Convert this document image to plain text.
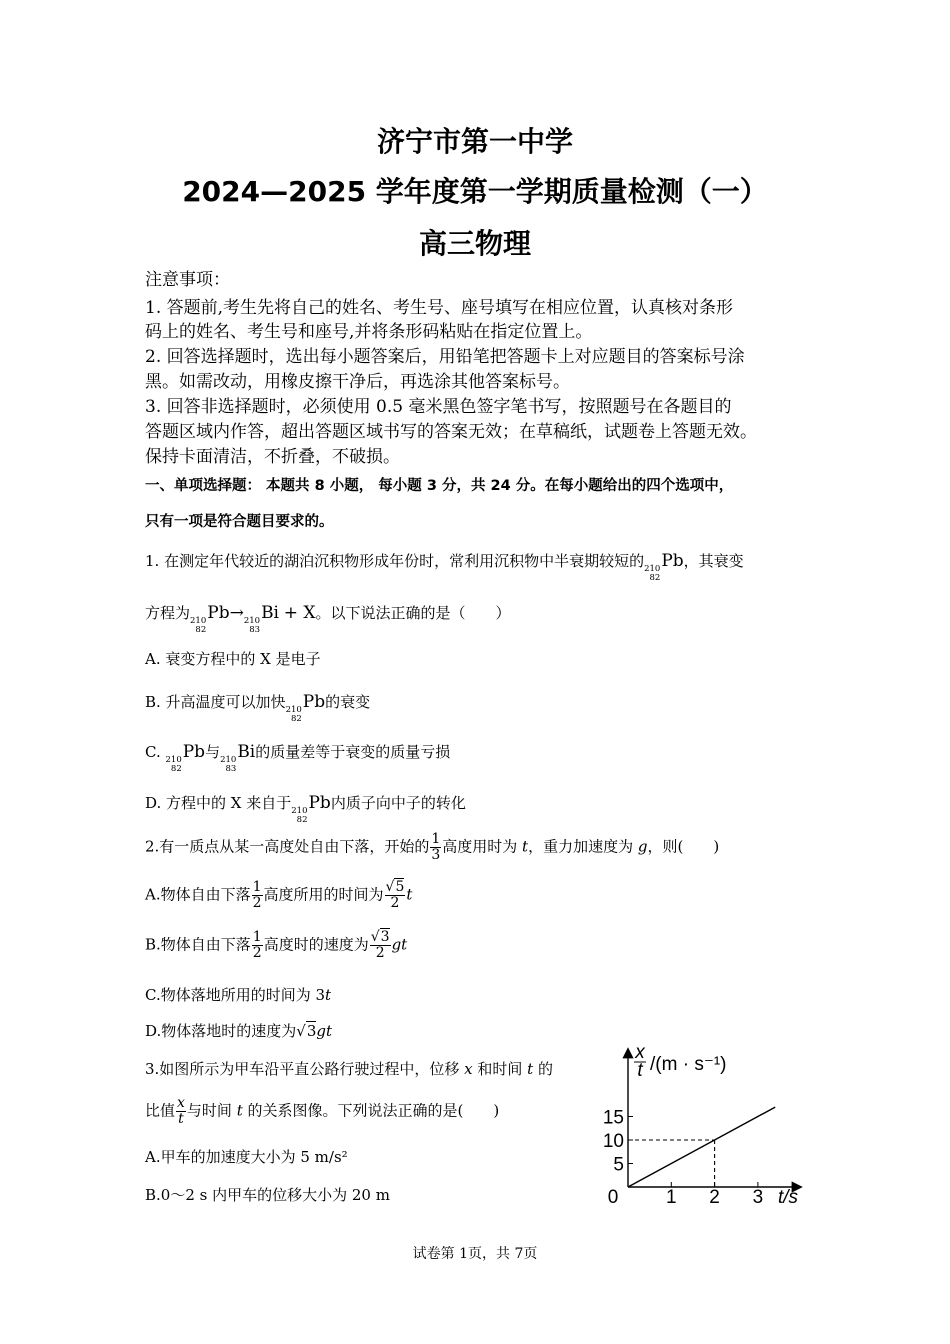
济宁市第一中学
2024—2025 学年度第一学期质量检测（一）
高三物理
注意事项：
1. 答题前,考生先将自己的姓名、考生号、座号填写在相应位置，认真核对条形
码上的姓名、考生号和座号,并将条形码粘贴在指定位置上。
2. 回答选择题时，选出每小题答案后，用铅笔把答题卡上对应题目的答案标号涂
黑。如需改动，用橡皮擦干净后，再选涂其他答案标号。
3. 回答非选择题时，必须使用 0.5 毫米黑色签字笔书写，按照题号在各题目的
答题区域内作答，超出答题区域书写的答案无效；在草稿纸，试题卷上答题无效。
保持卡面清洁，不折叠，不破损。
一、单项选择题： 本题共 8 小题， 每小题 3 分，共 24 分。在每小题给出的四个选项中，
只有一项是符合题目要求的。
1. 在测定年代较近的湖泊沉积物形成年份时，常利用沉积物中半衰期较短的 210
82
Pb，其衰变
方程为 210
82
Pb→ 210
83
Bi + X。以下说法正确的是（　　）
A. 衰变方程中的 X 是电子
B. 升高温度可以加快 210
82
Pb的衰变
C. 210
82
Pb与 210
83
Bi的质量差等于衰变的质量亏损
D. 方程中的 X 来自于 210
82
Pb内质子向中子的转化
2.有一质点从某一高度处自由下落，开始的 $\frac{1}{3}$ 高度用时为 t，重力加速度为 g，则(　　)
A.物体自由下落 $\frac{1}{2}$ 高度所用的时间为 $\frac{√5}{2}$ t
B.物体自由下落 $\frac{1}{2}$ 高度时的速度为 $\frac{√3}{2}$ gt
C.物体落地所用的时间为 3t
D.物体落地时的速度为√3gt
3.如图所示为甲车沿平直公路行驶过程中，位移 x 和时间 t 的
比值 $\frac{x}{t}$ 与时间 t 的关系图像。下列说法正确的是(　　)
A.甲车的加速度大小为 5 m/s²
B.0～2 s 内甲车的位移大小为 20 m	1 2 3
5
10
15
0	t/s
x
t /(m · s⁻¹)
试卷第 1页，共 7页
